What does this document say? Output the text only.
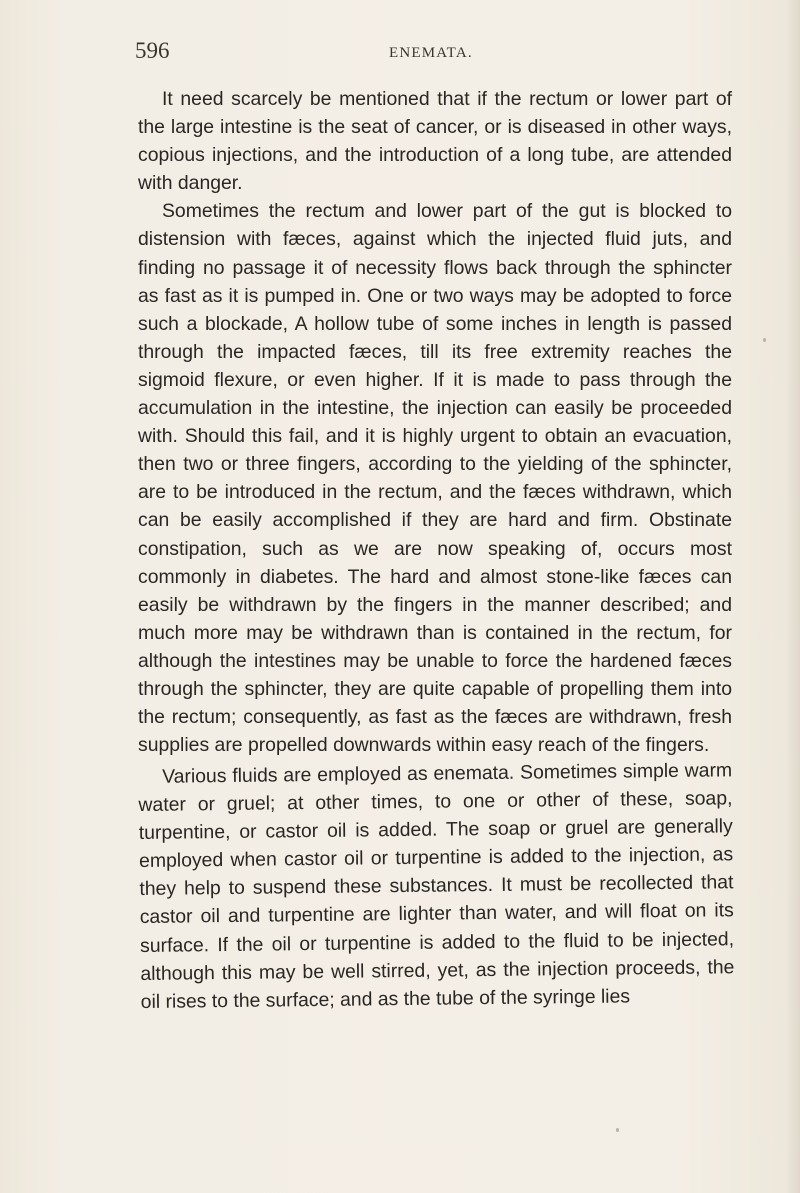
596	ENEMATA.

It need scarcely be mentioned that if the rectum or lower part of the large intestine is the seat of cancer, or is diseased in other ways, copious injections, and the introduction of a long tube, are attended with danger.

Sometimes the rectum and lower part of the gut is blocked to distension with fæces, against which the injected fluid juts, and finding no passage it of necessity flows back through the sphincter as fast as it is pumped in. One or two ways may be adopted to force such a blockade, A hollow tube of some inches in length is passed through the impacted fæces, till its free extremity reaches the sigmoid flexure, or even higher. If it is made to pass through the accumulation in the intestine, the injection can easily be proceeded with. Should this fail, and it is highly urgent to obtain an evacuation, then two or three fingers, according to the yielding of the sphincter, are to be introduced in the rectum, and the fæces withdrawn, which can be easily accomplished if they are hard and firm. Obstinate constipation, such as we are now speaking of, occurs most commonly in diabetes. The hard and almost stone-like fæces can easily be withdrawn by the fingers in the manner described; and much more may be withdrawn than is contained in the rectum, for although the intestines may be unable to force the hardened fæces through the sphincter, they are quite capable of propelling them into the rectum; consequently, as fast as the fæces are withdrawn, fresh supplies are propelled downwards within easy reach of the fingers.

Various fluids are employed as enemata. Sometimes simple warm water or gruel; at other times, to one or other of these, soap, turpentine, or castor oil is added. The soap or gruel are generally employed when castor oil or turpentine is added to the injection, as they help to suspend these substances. It must be recollected that castor oil and turpentine are lighter than water, and will float on its surface. If the oil or turpentine is added to the fluid to be injected, although this may be well stirred, yet, as the injection proceeds, the oil rises to the surface; and as the tube of the syringe lies
